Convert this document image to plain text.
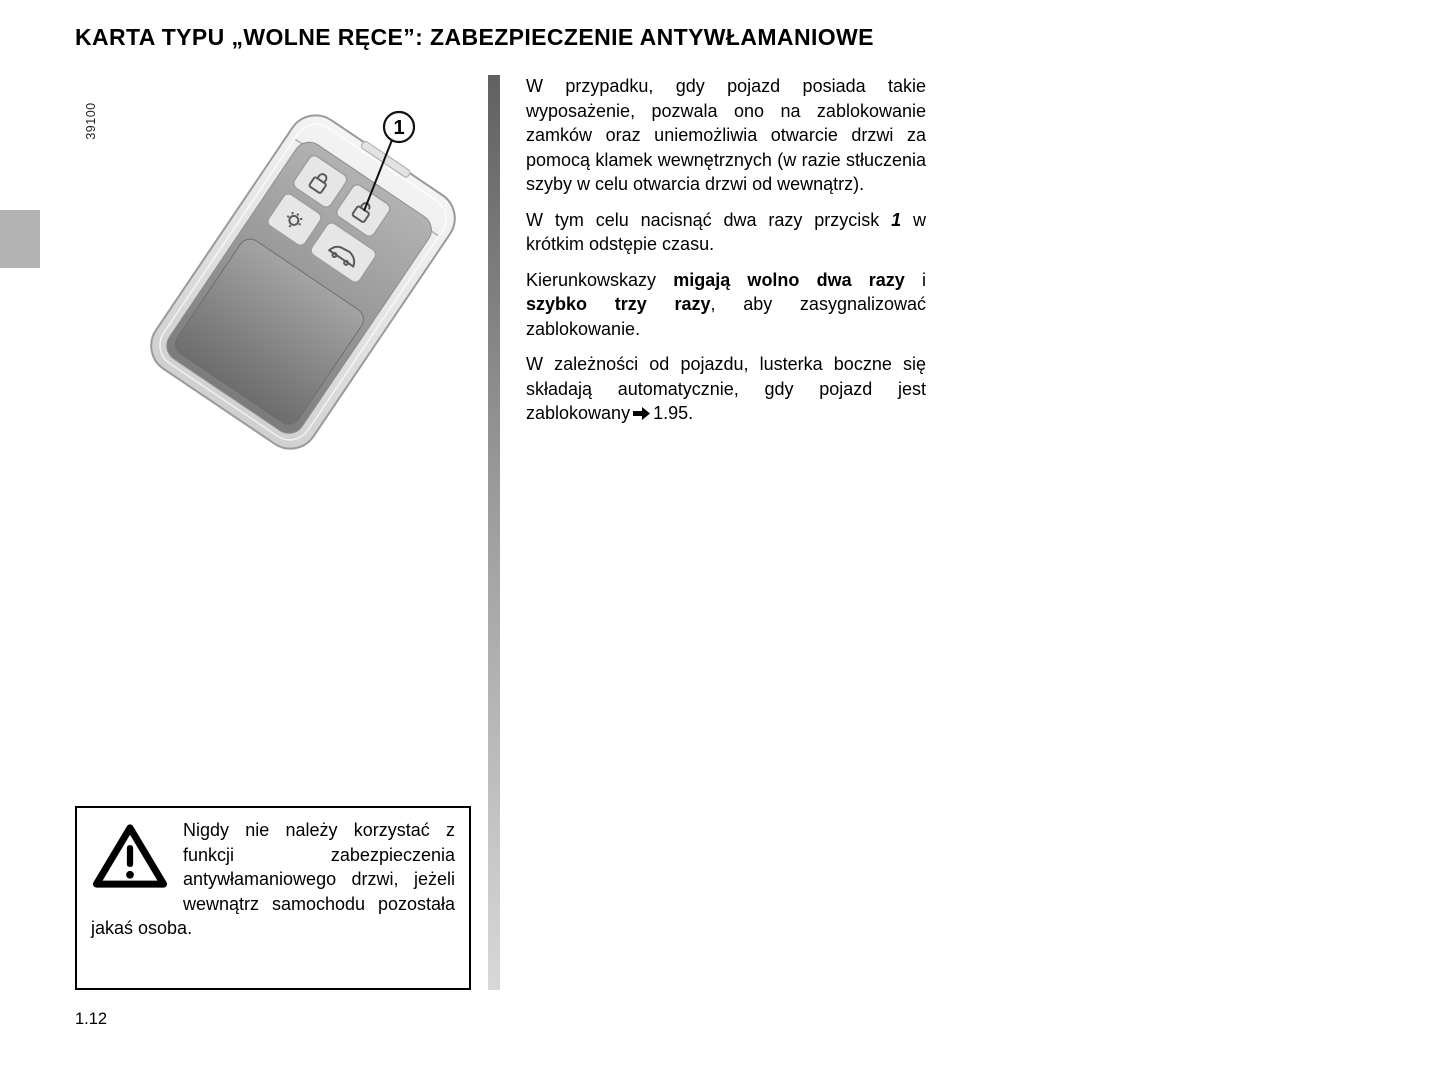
KARTA TYPU „WOLNE RĘCE”: ZABEZPIECZENIE ANTYWŁAMANIOWE
39100	1

W przypadku, gdy pojazd posiada takie wyposażenie, pozwala ono na zablokowanie zamków oraz uniemożliwia otwarcie drzwi za pomocą klamek wewnętrznych (w razie stłuczenia szyby w celu otwarcia drzwi od wewnątrz).

W tym celu nacisnąć dwa razy przycisk 1 w krótkim odstępie czasu.

Kierunkowskazy migają wolno dwa razy i szybko trzy razy, aby zasygnalizować zablokowanie.

W zależności od pojazdu, lusterka boczne się składają automatycznie, gdy pojazd jest zablokowany 1.95.

Nigdy nie należy korzystać z funkcji zabezpieczenia antywłamaniowego drzwi, jeżeli wewnątrz samochodu pozostała jakaś osoba.
1.12
